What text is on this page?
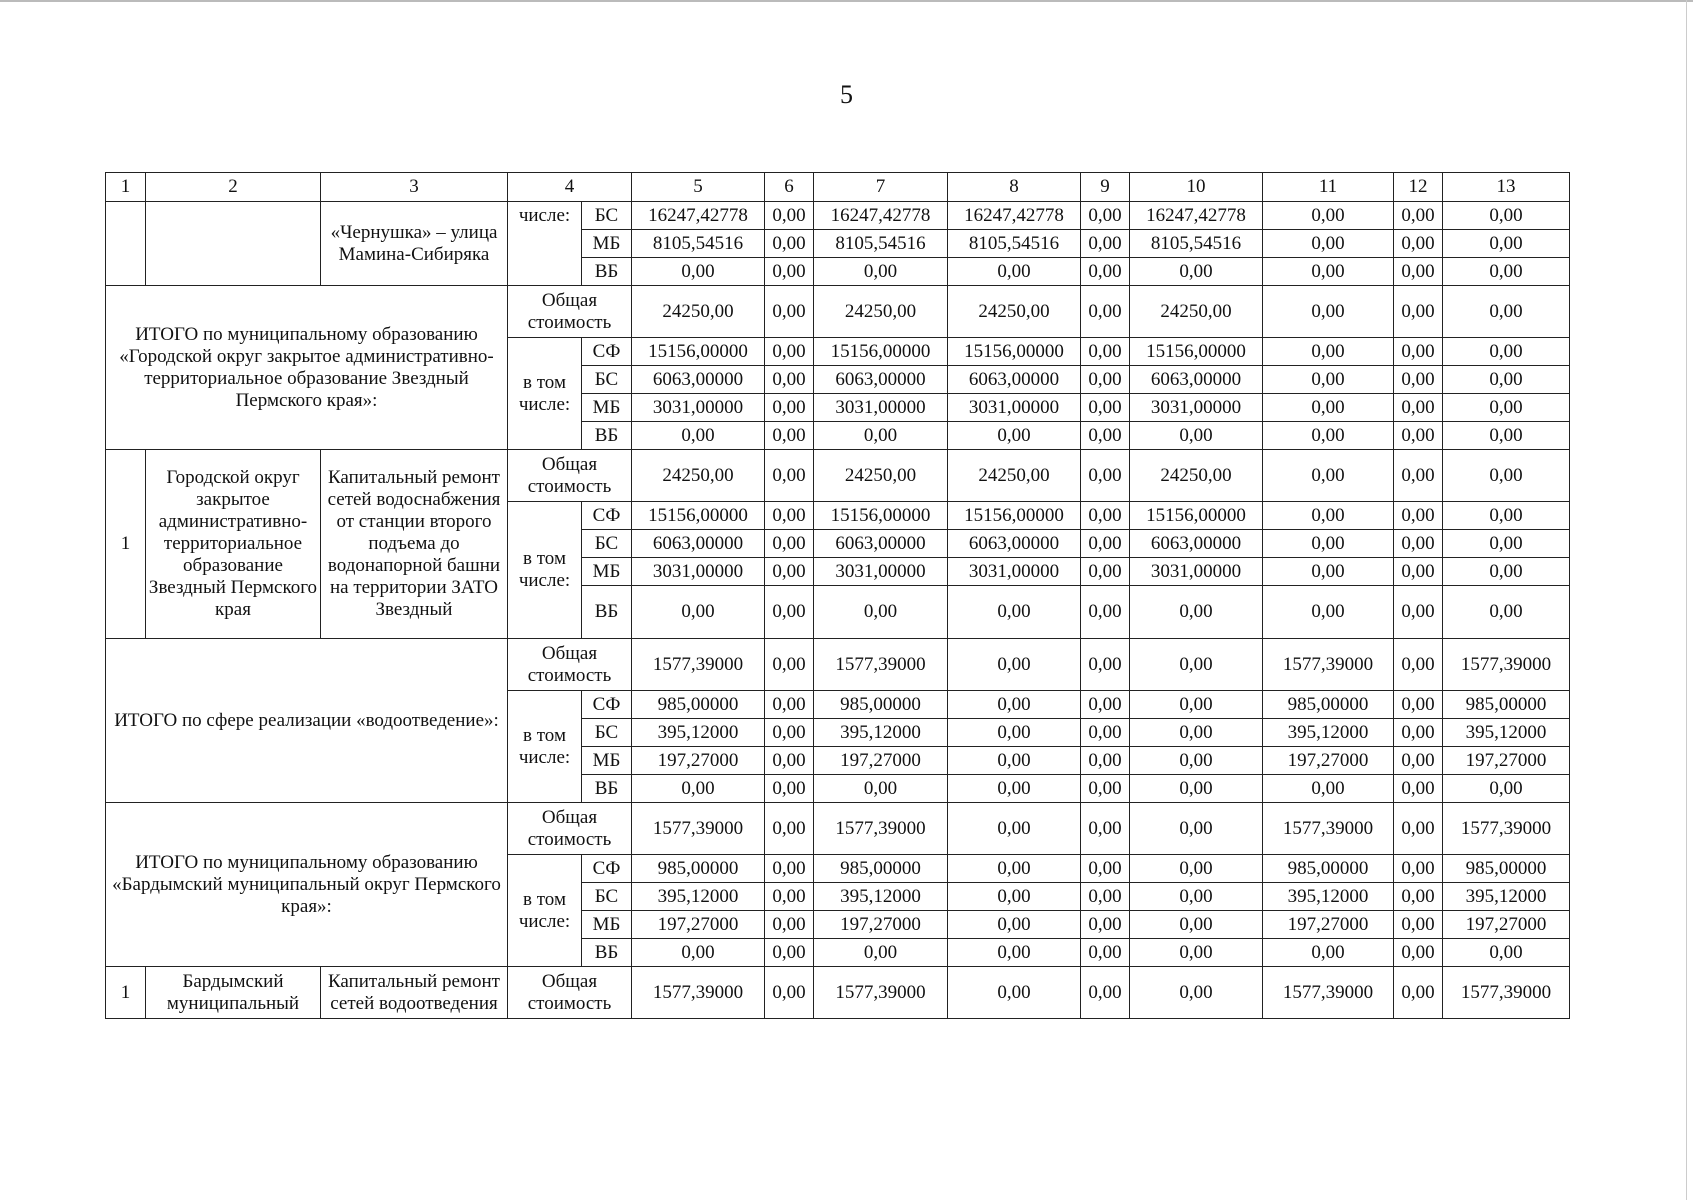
5
1	2	3	4		5	6	7	8	9	10	11	12	13
		«Чернушка» – улица Мамина-Сибиряка	числе:	БС	16247,42778	0,00	16247,42778	16247,42778	0,00	16247,42778	0,00	0,00	0,00
				МБ	8105,54516	0,00	8105,54516	8105,54516	0,00	8105,54516	0,00	0,00	0,00
				ВБ	0,00	0,00	0,00	0,00	0,00	0,00	0,00	0,00	0,00
ИТОГО по муниципальному образованию «Городской округ закрытое административно-территориальное образование Звездный Пермского края»:			Общая стоимость		24250,00	0,00	24250,00	24250,00	0,00	24250,00	0,00	0,00	0,00
			в том числе:	СФ	15156,00000	0,00	15156,00000	15156,00000	0,00	15156,00000	0,00	0,00	0,00
				БС	6063,00000	0,00	6063,00000	6063,00000	0,00	6063,00000	0,00	0,00	0,00
				МБ	3031,00000	0,00	3031,00000	3031,00000	0,00	3031,00000	0,00	0,00	0,00
				ВБ	0,00	0,00	0,00	0,00	0,00	0,00	0,00	0,00	0,00
1	Городской округ закрытое административно-территориальное образование Звездный Пермского края	Капитальный ремонт сетей водоснабжения от станции второго подъема до водонапорной башни на территории ЗАТО Звездный	Общая стоимость		24250,00	0,00	24250,00	24250,00	0,00	24250,00	0,00	0,00	0,00
			в том числе:	СФ	15156,00000	0,00	15156,00000	15156,00000	0,00	15156,00000	0,00	0,00	0,00
				БС	6063,00000	0,00	6063,00000	6063,00000	0,00	6063,00000	0,00	0,00	0,00
				МБ	3031,00000	0,00	3031,00000	3031,00000	0,00	3031,00000	0,00	0,00	0,00
				ВБ	0,00	0,00	0,00	0,00	0,00	0,00	0,00	0,00	0,00
ИТОГО по сфере реализации «водоотведение»:			Общая стоимость		1577,39000	0,00	1577,39000	0,00	0,00	0,00	1577,39000	0,00	1577,39000
			в том числе:	СФ	985,00000	0,00	985,00000	0,00	0,00	0,00	985,00000	0,00	985,00000
				БС	395,12000	0,00	395,12000	0,00	0,00	0,00	395,12000	0,00	395,12000
				МБ	197,27000	0,00	197,27000	0,00	0,00	0,00	197,27000	0,00	197,27000
				ВБ	0,00	0,00	0,00	0,00	0,00	0,00	0,00	0,00	0,00
ИТОГО по муниципальному образованию «Бардымский муниципальный округ Пермского края»:			Общая стоимость		1577,39000	0,00	1577,39000	0,00	0,00	0,00	1577,39000	0,00	1577,39000
			в том числе:	СФ	985,00000	0,00	985,00000	0,00	0,00	0,00	985,00000	0,00	985,00000
				БС	395,12000	0,00	395,12000	0,00	0,00	0,00	395,12000	0,00	395,12000
				МБ	197,27000	0,00	197,27000	0,00	0,00	0,00	197,27000	0,00	197,27000
				ВБ	0,00	0,00	0,00	0,00	0,00	0,00	0,00	0,00	0,00
1	Бардымский муниципальный	Капитальный ремонт сетей водоотведения	Общая стоимость		1577,39000	0,00	1577,39000	0,00	0,00	0,00	1577,39000	0,00	1577,39000
